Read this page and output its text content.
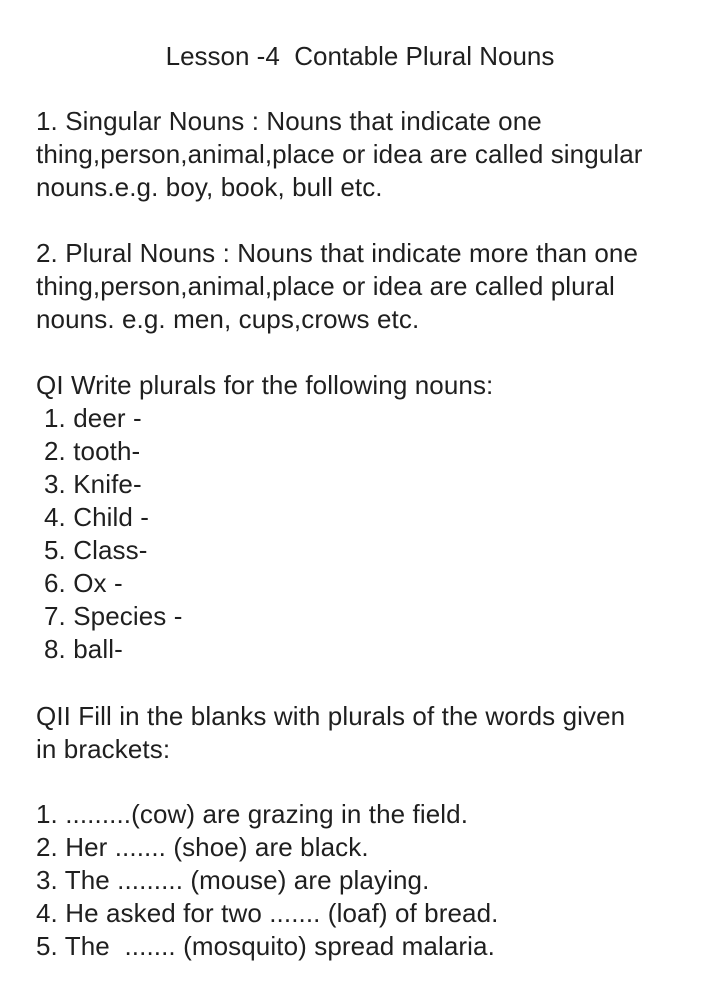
Lesson -4  Contable Plural Nouns
1. Singular Nouns : Nouns that indicate one
thing,person,animal,place or idea are called singular
nouns.e.g. boy, book, bull etc.
2. Plural Nouns : Nouns that indicate more than one
thing,person,animal,place or idea are called plural
nouns. e.g. men, cups,crows etc.
QI Write plurals for the following nouns:
1. deer -
2. tooth-
3. Knife-
4. Child -
5. Class-
6. Ox -
7. Species -
8. ball-
QII Fill in the blanks with plurals of the words given
in brackets:
1. .........(cow) are grazing in the field.
2. Her ....... (shoe) are black.
3. The ......... (mouse) are playing.
4. He asked for two ....... (loaf) of bread.
5. The  ....... (mosquito) spread malaria.
